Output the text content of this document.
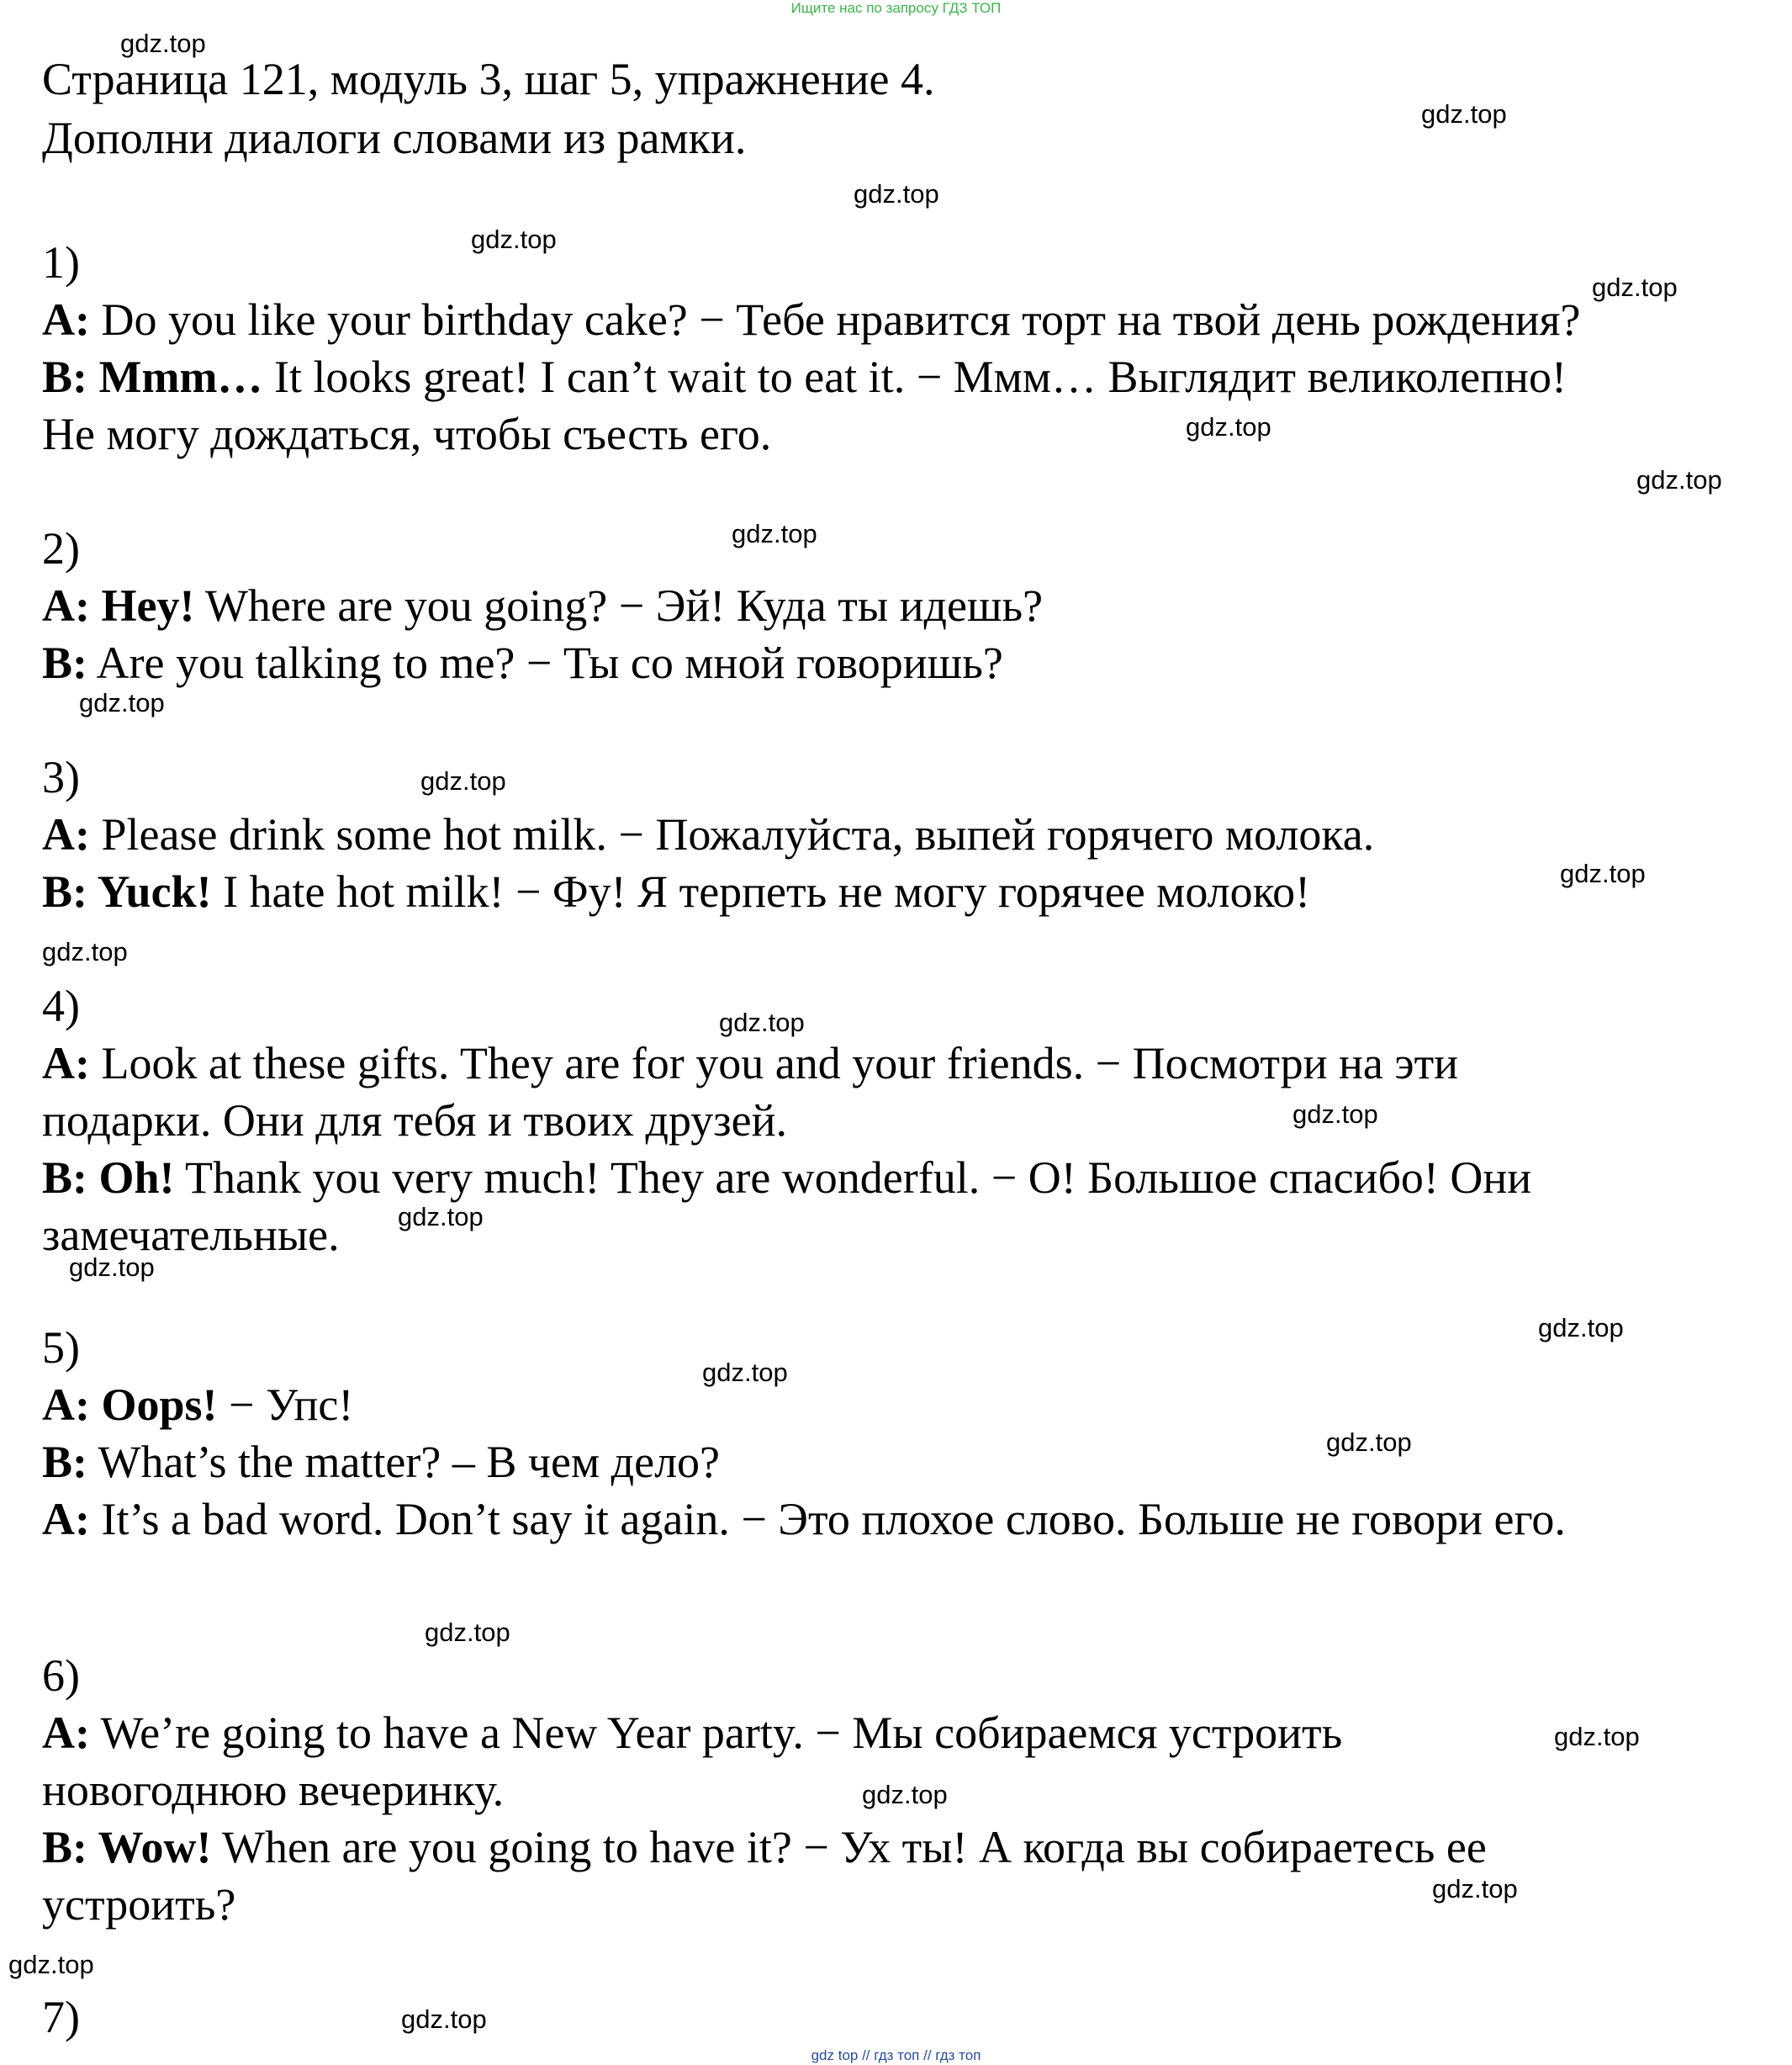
Ищите нас по запросу ГДЗ ТОП

Страница 121, модуль 3, шаг 5, упражнение 4.

Дополни диалоги словами из рамки.

1)

A: Do you like your birthday cake? − Тебе нравится торт на твой день рождения?

B: Mmm… It looks great! I can’t wait to eat it. − Ммм… Выглядит великолепно!

Не могу дождаться, чтобы съесть его.

2)

A: Hey! Where are you going? − Эй! Куда ты идешь?

B: Are you talking to me? − Ты со мной говоришь?

3)

A: Please drink some hot milk. − Пожалуйста, выпей горячего молока.

B: Yuck! I hate hot milk! − Фу! Я терпеть не могу горячее молоко!

4)

A: Look at these gifts. They are for you and your friends. − Посмотри на эти

подарки. Они для тебя и твоих друзей.

B: Oh! Thank you very much! They are wonderful. − О! Большое спасибо! Они

замечательные.

5)

A: Oops! − Упс!

B: What’s the matter? – В чем дело?

A: It’s a bad word. Don’t say it again. − Это плохое слово. Больше не говори его.

6)

A: We’re going to have a New Year party. − Мы собираемся устроить

новогоднюю вечеринку.

B: Wow! When are you going to have it? − Ух ты! А когда вы собираетесь ее

устроить?

7)

gdz.top

gdz.top

gdz.top

gdz.top

gdz.top

gdz.top

gdz.top

gdz.top

gdz.top

gdz.top

gdz.top

gdz.top

gdz.top

gdz.top

gdz.top

gdz.top

gdz.top

gdz.top

gdz.top

gdz.top

gdz.top

gdz.top

gdz.top

gdz.top

gdz.top

gdz top // гдз топ // гдз топ
